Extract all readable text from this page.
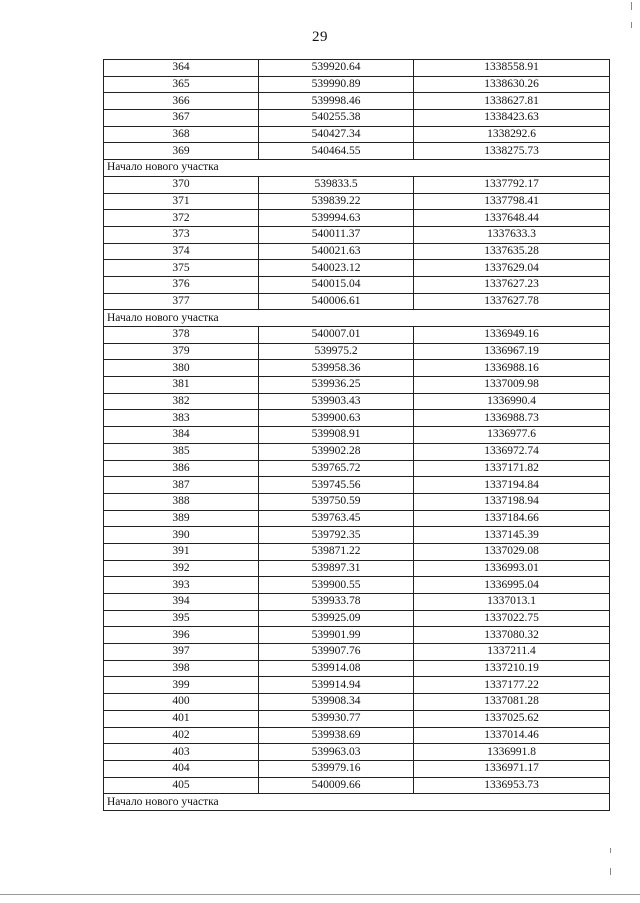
29
364	539920.64	1338558.91
365	539990.89	1338630.26
366	539998.46	1338627.81
367	540255.38	1338423.63
368	540427.34	1338292.6
369	540464.55	1338275.73
Начало нового участка		
370	539833.5	1337792.17
371	539839.22	1337798.41
372	539994.63	1337648.44
373	540011.37	1337633.3
374	540021.63	1337635.28
375	540023.12	1337629.04
376	540015.04	1337627.23
377	540006.61	1337627.78
Начало нового участка		
378	540007.01	1336949.16
379	539975.2	1336967.19
380	539958.36	1336988.16
381	539936.25	1337009.98
382	539903.43	1336990.4
383	539900.63	1336988.73
384	539908.91	1336977.6
385	539902.28	1336972.74
386	539765.72	1337171.82
387	539745.56	1337194.84
388	539750.59	1337198.94
389	539763.45	1337184.66
390	539792.35	1337145.39
391	539871.22	1337029.08
392	539897.31	1336993.01
393	539900.55	1336995.04
394	539933.78	1337013.1
395	539925.09	1337022.75
396	539901.99	1337080.32
397	539907.76	1337211.4
398	539914.08	1337210.19
399	539914.94	1337177.22
400	539908.34	1337081.28
401	539930.77	1337025.62
402	539938.69	1337014.46
403	539963.03	1336991.8
404	539979.16	1336971.17
405	540009.66	1336953.73
Начало нового участка		
